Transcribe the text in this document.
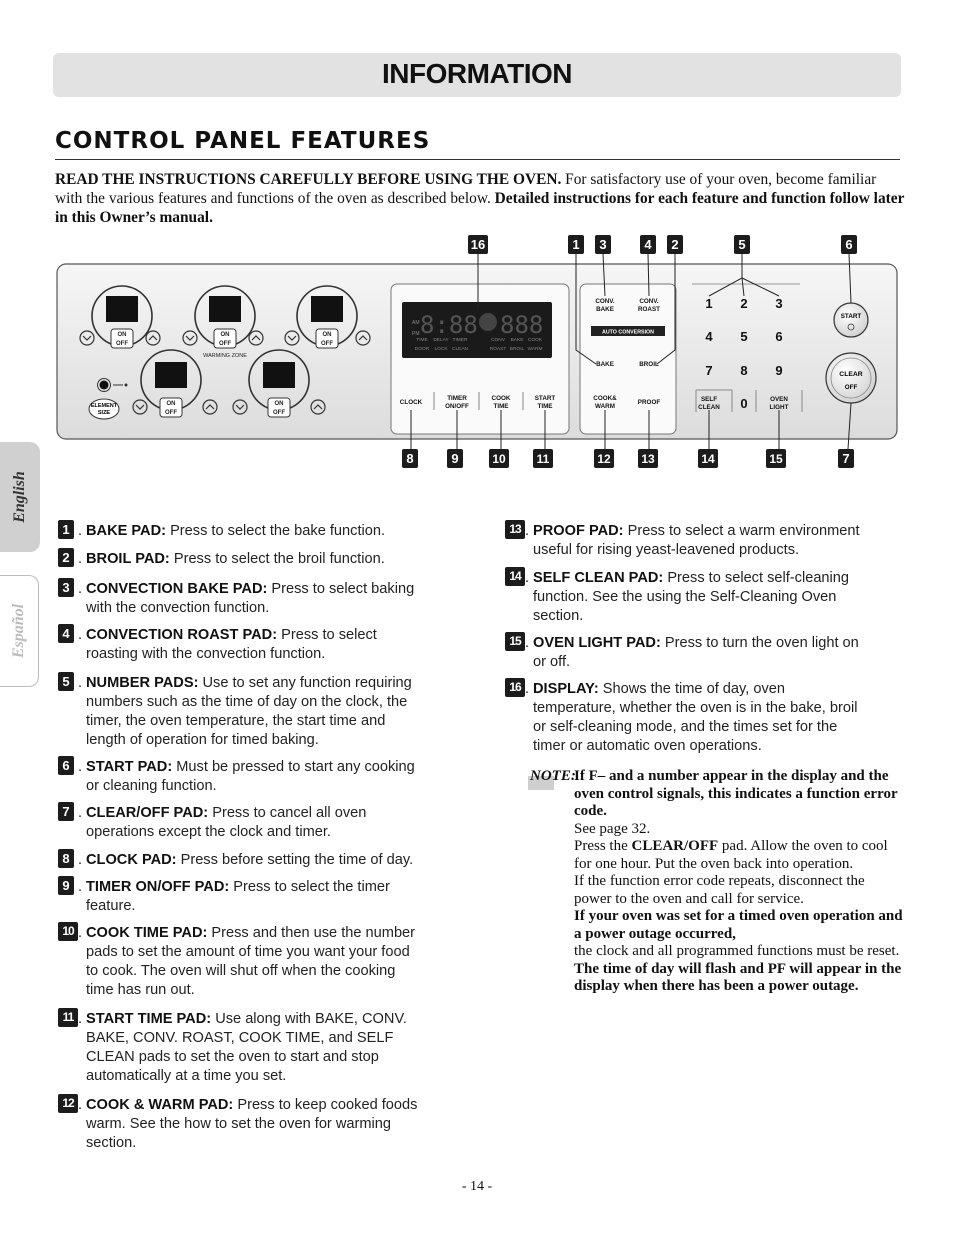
INFORMATION
CONTROL PANEL FEATURES
READ THE INSTRUCTIONS CAREFULLY BEFORE USING THE OVEN. For satisfactory use of your oven, become familiar with the various features and functions of the oven as described below. Detailed instructions for each feature and function follow later in this Owner’s manual.
English
Español
ON
OFF
ON
OFF
ON
OFF
ON
OFF
ON
OFF
WARMING ZONE
ELEMENT
SIZE
AM
PM 8:88 888
TIME DELAY TIMER
DOOR LOCK CLEAN
CONV BAKE COOK
ROAST BROIL WARM
CLOCK
TIMER
ON/OFF
COOK
TIME
START
TIME
CONV.
BAKE
CONV.
ROAST
AUTO CONVERSION
BAKE	BROIL
COOK&
WARM
PROOF
1 2 3
4 5 6
7 8 9
0
SELF
CLEAN
OVEN
LIGHT
START
CLEAR
OFF
16	1 3	4 2	5	6
8	9	10	11	12	13	14	15	7
1 . BAKE PAD: Press to select the bake function.
2 . BROIL PAD: Press to select the broil function.
3 . CONVECTION BAKE PAD: Press to select baking
with the convection function.
4 . CONVECTION ROAST PAD: Press to select
roasting with the convection function.
5 . NUMBER PADS: Use to set any function requiring
numbers such as the time of day on the clock, the
timer, the oven temperature, the start time and
length of operation for timed baking.
6 . START PAD: Must be pressed to start any cooking
or cleaning function.
7 . CLEAR/OFF PAD: Press to cancel all oven
operations except the clock and timer.
8 . CLOCK PAD: Press before setting the time of day.
9 . TIMER ON/OFF PAD: Press to select the timer
feature.
10 . COOK TIME PAD: Press and then use the number
pads to set the amount of time you want your food
to cook. The oven will shut off when the cooking
time has run out.
11 . START TIME PAD: Use along with BAKE, CONV.
BAKE, CONV. ROAST, COOK TIME, and SELF
CLEAN pads to set the oven to start and stop
automatically at a time you set.
12 . COOK & WARM PAD: Press to keep cooked foods
warm. See the how to set the oven for warming
section.
13 . PROOF PAD: Press to select a warm environment
useful for rising yeast-leavened products.
14 . SELF CLEAN PAD: Press to select self-cleaning
function. See the using the Self-Cleaning Oven
section.
15 . OVEN LIGHT PAD: Press to turn the oven light on
or off.
16 . DISPLAY: Shows the time of day, oven
temperature, whether the oven is in the bake, broil
or self-cleaning mode, and the times set for the
timer or automatic oven operations.
NOTE:

If F– and a number appear in the display and the oven control signals, this indicates a function error code.

See page 32.

Press the CLEAR/OFF pad. Allow the oven to cool for one hour. Put the oven back into operation.

If the function error code repeats, disconnect the power to the oven and call for service.

If your oven was set for a timed oven operation and a power outage occurred,

the clock and all programmed functions must be reset.

The time of day will flash and PF will appear in the display when there has been a power outage.

- 14 -
